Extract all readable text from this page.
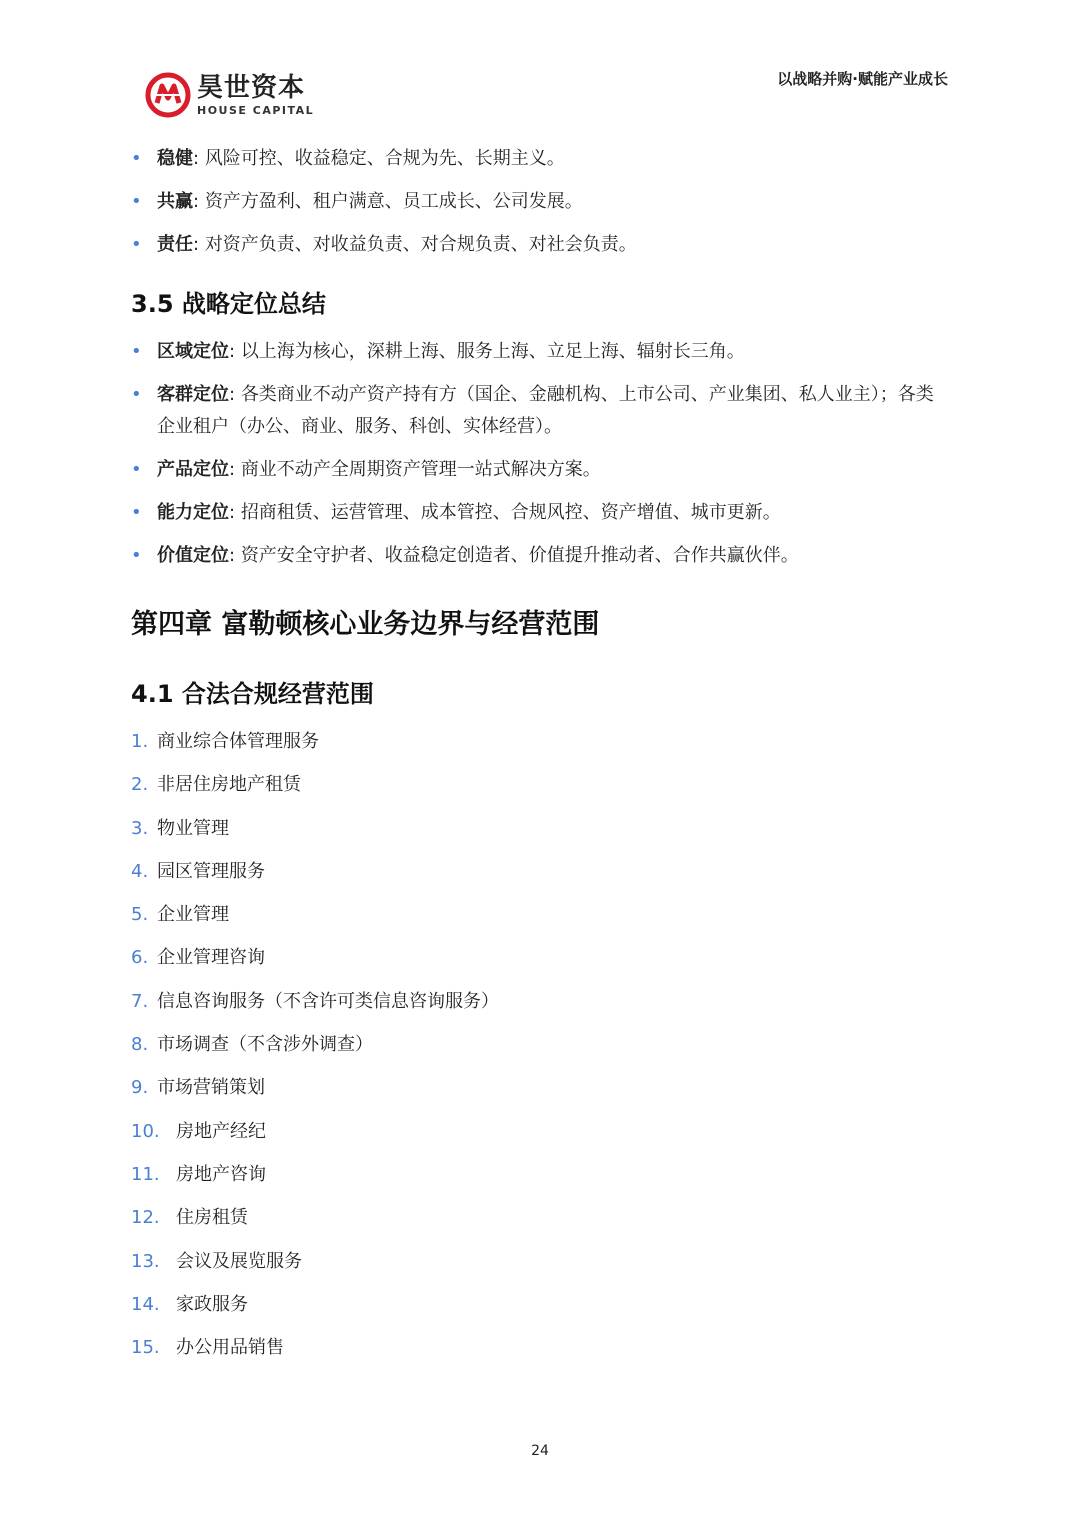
昊世资本
HOUSE CAPITAL
以战略并购·赋能产业成长
• 稳健: 风险可控、收益稳定、合规为先、长期主义。
• 共赢: 资产方盈利、租户满意、员工成长、公司发展。
• 责任: 对资产负责、对收益负责、对合规负责、对社会负责。
3.5 战略定位总结
• 区域定位: 以上海为核心，深耕上海、服务上海、立足上海、辐射长三角。
• 客群定位: 各类商业不动产资产持有方（国企、金融机构、上市公司、产业集团、私人业主）；各类企业租户（办公、商业、服务、科创、实体经营）。
• 产品定位: 商业不动产全周期资产管理一站式解决方案。
• 能力定位: 招商租赁、运营管理、成本管控、合规风控、资产增值、城市更新。
• 价值定位: 资产安全守护者、收益稳定创造者、价值提升推动者、合作共赢伙伴。
第四章 富勒顿核心业务边界与经营范围
4.1 合法合规经营范围
1. 商业综合体管理服务
2. 非居住房地产租赁
3. 物业管理
4. 园区管理服务
5. 企业管理
6. 企业管理咨询
7. 信息咨询服务（不含许可类信息咨询服务）
8. 市场调查（不含涉外调查）
9. 市场营销策划
10. 房地产经纪
11. 房地产咨询
12. 住房租赁
13. 会议及展览服务
14. 家政服务
15. 办公用品销售
24
